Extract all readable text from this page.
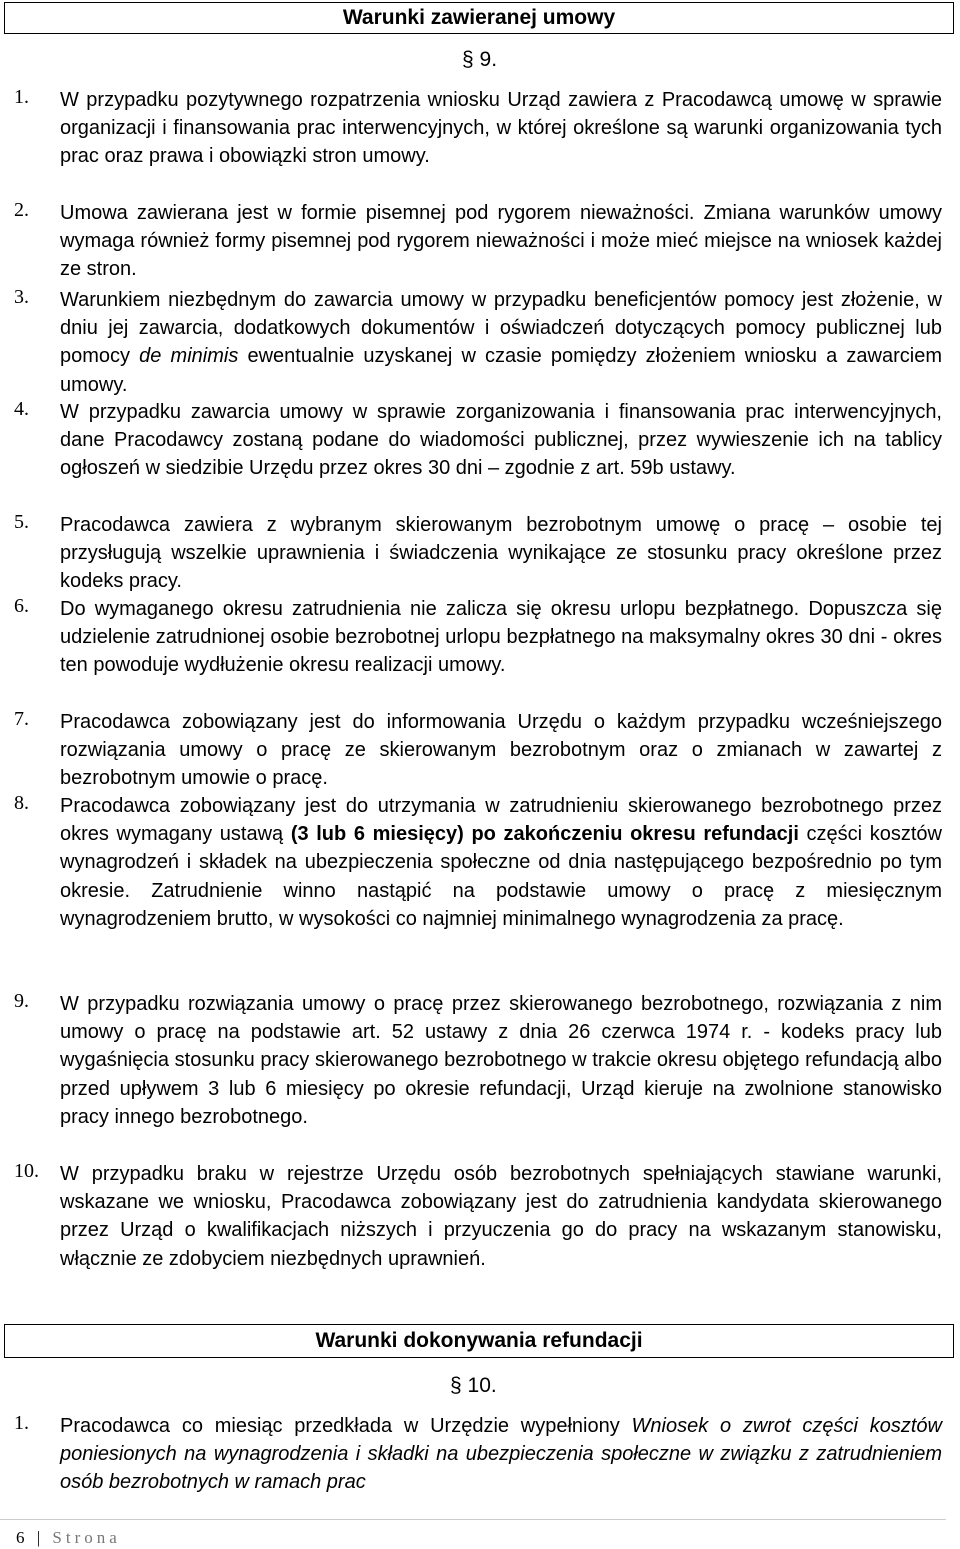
Warunki zawieranej umowy
§ 9.
1.	W przypadku pozytywnego rozpatrzenia wniosku Urząd zawiera z Pracodawcą umowę w sprawie organizacji i finansowania prac interwencyjnych, w której określone są warunki organizowania tych prac oraz prawa i obowiązki stron umowy.
2.	Umowa zawierana jest w formie pisemnej pod rygorem nieważności. Zmiana warunków umowy wymaga również formy pisemnej pod rygorem nieważności i może mieć miejsce na wniosek każdej ze stron.
3.	Warunkiem niezbędnym do zawarcia umowy w przypadku beneficjentów pomocy jest złożenie, w dniu jej zawarcia, dodatkowych dokumentów i oświadczeń dotyczących pomocy publicznej lub pomocy de minimis ewentualnie uzyskanej w czasie pomiędzy złożeniem wniosku a zawarciem umowy.
4.	W przypadku zawarcia umowy w sprawie zorganizowania i finansowania prac interwencyjnych, dane Pracodawcy zostaną podane do wiadomości publicznej, przez wywieszenie ich na tablicy ogłoszeń w siedzibie Urzędu przez okres 30 dni – zgodnie z art. 59b ustawy.
5.	Pracodawca zawiera z wybranym skierowanym bezrobotnym umowę o pracę – osobie tej przysługują wszelkie uprawnienia i świadczenia wynikające ze stosunku pracy określone przez kodeks pracy.
6.	Do wymaganego okresu zatrudnienia nie zalicza się okresu urlopu bezpłatnego. Dopuszcza się udzielenie zatrudnionej osobie bezrobotnej urlopu bezpłatnego na maksymalny okres 30 dni - okres ten powoduje wydłużenie okresu realizacji umowy.
7.	Pracodawca zobowiązany jest do informowania Urzędu o każdym przypadku wcześniejszego rozwiązania umowy o pracę ze skierowanym bezrobotnym oraz o zmianach w zawartej z bezrobotnym umowie o pracę.
8.	Pracodawca zobowiązany jest do utrzymania w zatrudnieniu skierowanego bezrobotnego przez okres wymagany ustawą (3 lub 6 miesięcy) po zakończeniu okresu refundacji części kosztów wynagrodzeń i składek na ubezpieczenia społeczne od dnia następującego bezpośrednio po tym okresie. Zatrudnienie winno nastąpić na podstawie umowy o pracę z miesięcznym wynagrodzeniem brutto, w wysokości co najmniej minimalnego wynagrodzenia za pracę.
9.	W przypadku rozwiązania umowy o pracę przez skierowanego bezrobotnego, rozwiązania z nim umowy o pracę na podstawie art. 52 ustawy z dnia 26 czerwca 1974 r. - kodeks pracy lub wygaśnięcia stosunku pracy skierowanego bezrobotnego w trakcie okresu objętego refundacją albo przed upływem 3 lub 6 miesięcy po okresie refundacji, Urząd kieruje na zwolnione stanowisko pracy innego bezrobotnego.
10.	W przypadku braku w rejestrze Urzędu osób bezrobotnych spełniających stawiane warunki, wskazane we wniosku, Pracodawca zobowiązany jest do zatrudnienia kandydata skierowanego przez Urząd o kwalifikacjach niższych i przyuczenia go do pracy na wskazanym stanowisku, włącznie ze zdobyciem niezbędnych uprawnień.
Warunki dokonywania refundacji
§ 10.
1.	Pracodawca co miesiąc przedkłada w Urzędzie wypełniony Wniosek o zwrot części kosztów poniesionych na wynagrodzenia i składki na ubezpieczenia społeczne w związku z zatrudnieniem osób bezrobotnych w ramach prac
6 | Strona
